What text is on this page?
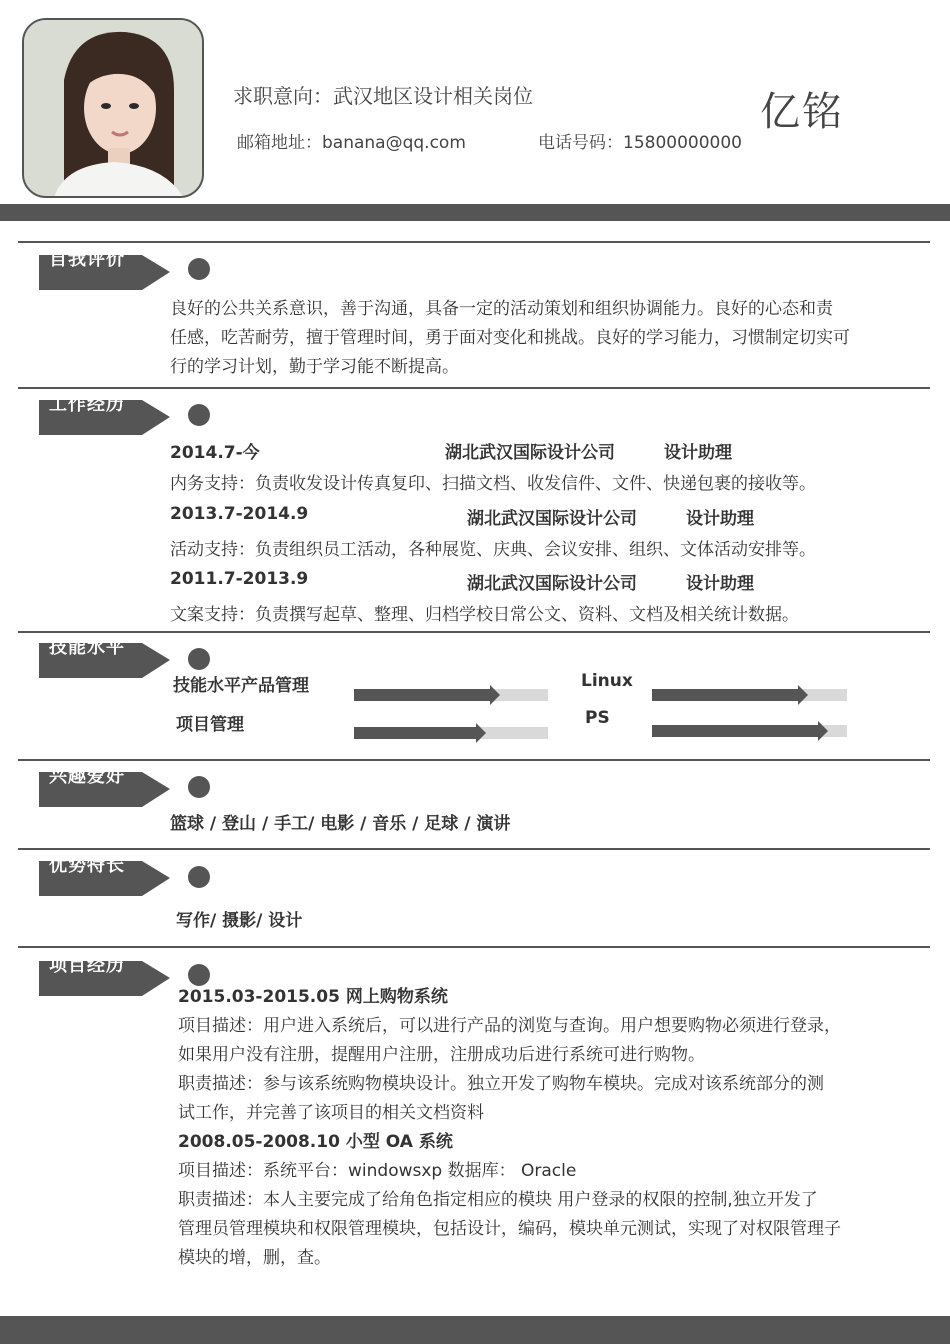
求职意向：武汉地区设计相关岗位
邮箱地址：banana@qq.com	电话号码：15800000000
亿铭
自我评价
良好的公共关系意识，善于沟通，具备一定的活动策划和组织协调能力。良好的心态和责
任感，吃苦耐劳，擅于管理时间，勇于面对变化和挑战。良好的学习能力，习惯制定切实可
行的学习计划，勤于学习能不断提高。
工作经历
2014.7-今	湖北武汉国际设计公司	设计助理
内务支持：负责收发设计传真复印、扫描文档、收发信件、文件、快递包裹的接收等。
2013.7-2014.9	湖北武汉国际设计公司	设计助理
活动支持：负责组织员工活动，各种展览、庆典、会议安排、组织、文体活动安排等。
2011.7-2013.9	湖北武汉国际设计公司	设计助理
文案支持：负责撰写起草、整理、归档学校日常公文、资料、文档及相关统计数据。
技能水平
技能水平产品管理
项目管理
Linux
PS
兴趣爱好
篮球 / 登山 / 手工/ 电影 / 音乐 / 足球 / 演讲
优势特长
写作/ 摄影/ 设计
项目经历
2015.03-2015.05 网上购物系统
项目描述：用户进入系统后，可以进行产品的浏览与查询。用户想要购物必须进行登录，
如果用户没有注册，提醒用户注册，注册成功后进行系统可进行购物。
职责描述：参与该系统购物模块设计。独立开发了购物车模块。完成对该系统部分的测
试工作，并完善了该项目的相关文档资料
2008.05-2008.10 小型 OA 系统
项目描述：系统平台：windowsxp 数据库： Oracle
职责描述：本人主要完成了给角色指定相应的模块 用户登录的权限的控制,独立开发了
管理员管理模块和权限管理模块，包括设计，编码，模块单元测试，实现了对权限管理子
模块的增，删，查。
